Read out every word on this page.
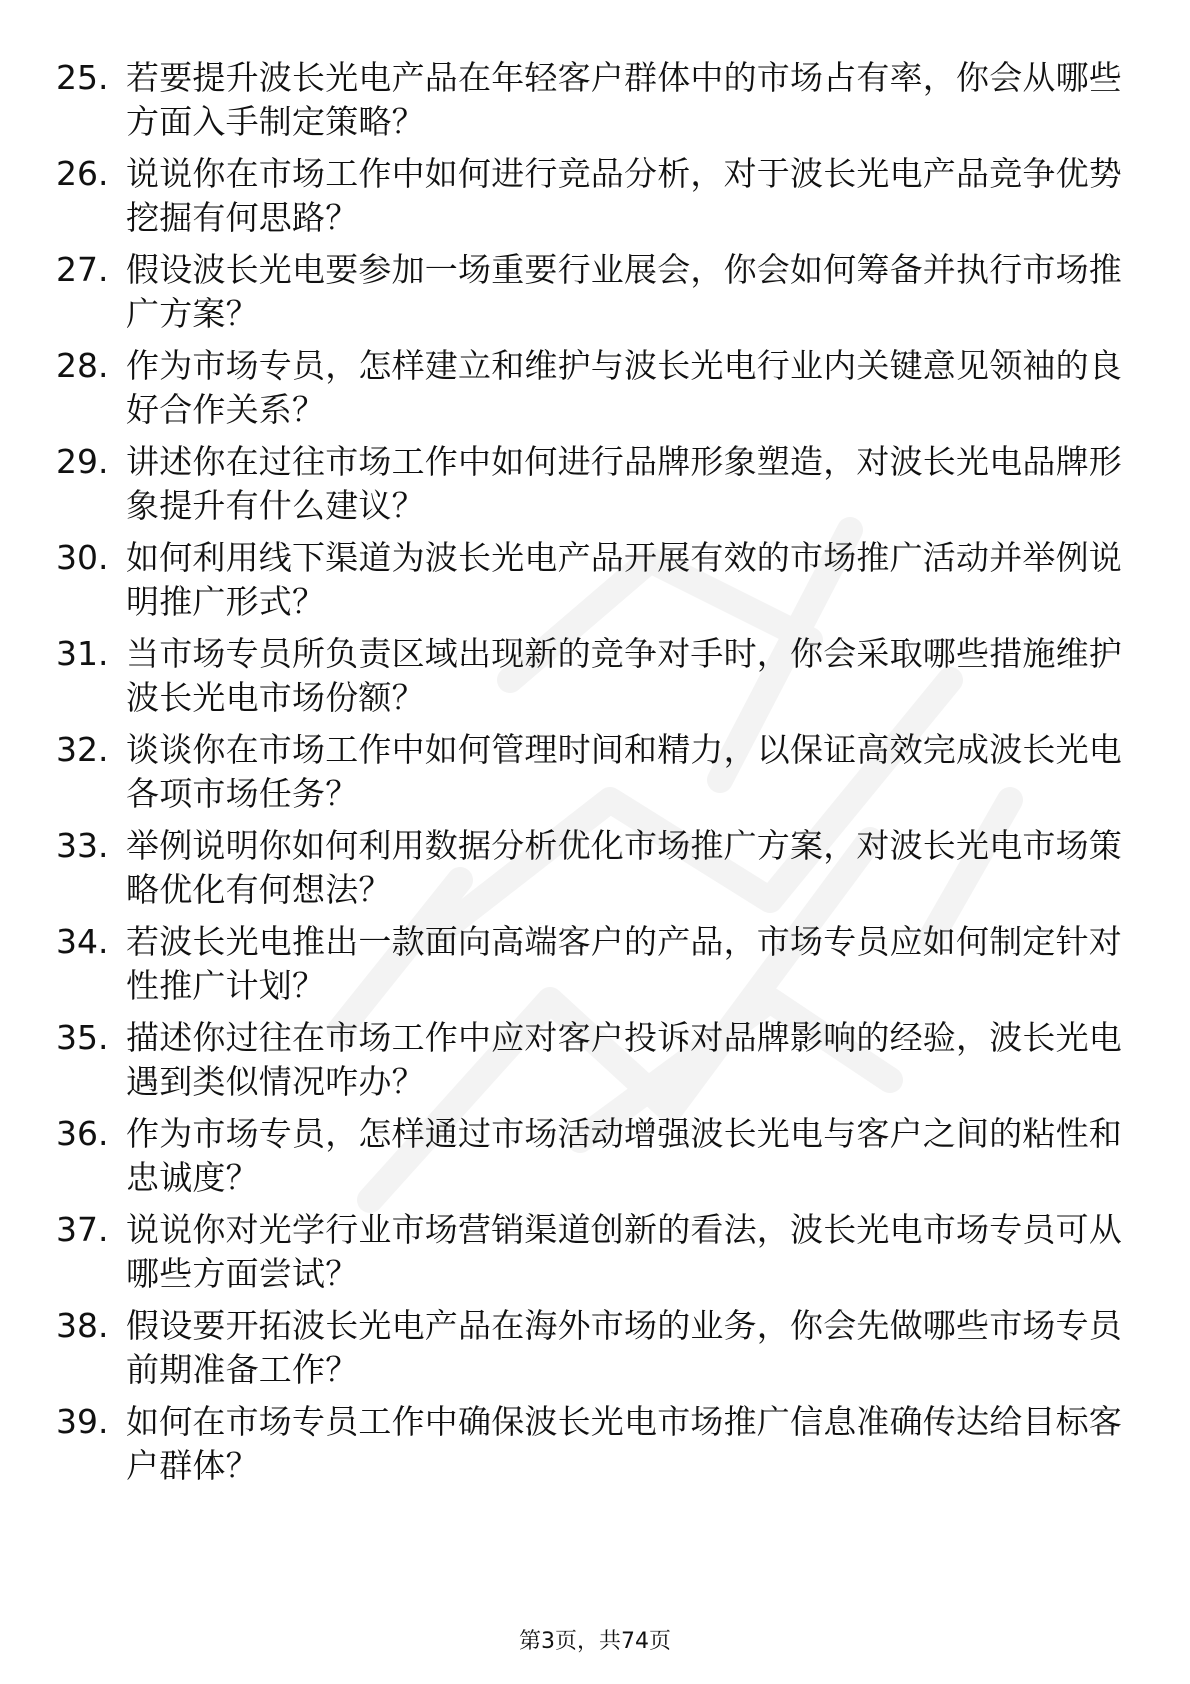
25. 若要提升波长光电产品在年轻客户群体中的市场占有率，你会从哪些方面入手制定策略？
26. 说说你在市场工作中如何进行竞品分析，对于波长光电产品竞争优势挖掘有何思路？
27. 假设波长光电要参加一场重要行业展会，你会如何筹备并执行市场推广方案？
28. 作为市场专员，怎样建立和维护与波长光电行业内关键意见领袖的良好合作关系？
29. 讲述你在过往市场工作中如何进行品牌形象塑造，对波长光电品牌形象提升有什么建议？
30. 如何利用线下渠道为波长光电产品开展有效的市场推广活动并举例说明推广形式？
31. 当市场专员所负责区域出现新的竞争对手时，你会采取哪些措施维护波长光电市场份额？
32. 谈谈你在市场工作中如何管理时间和精力，以保证高效完成波长光电各项市场任务？
33. 举例说明你如何利用数据分析优化市场推广方案，对波长光电市场策略优化有何想法？
34. 若波长光电推出一款面向高端客户的产品，市场专员应如何制定针对性推广计划？
35. 描述你过往在市场工作中应对客户投诉对品牌影响的经验，波长光电遇到类似情况咋办？
36. 作为市场专员，怎样通过市场活动增强波长光电与客户之间的粘性和忠诚度？
37. 说说你对光学行业市场营销渠道创新的看法，波长光电市场专员可从哪些方面尝试？
38. 假设要开拓波长光电产品在海外市场的业务，你会先做哪些市场专员前期准备工作？
39. 如何在市场专员工作中确保波长光电市场推广信息准确传达给目标客户群体？
第3页，共74页
